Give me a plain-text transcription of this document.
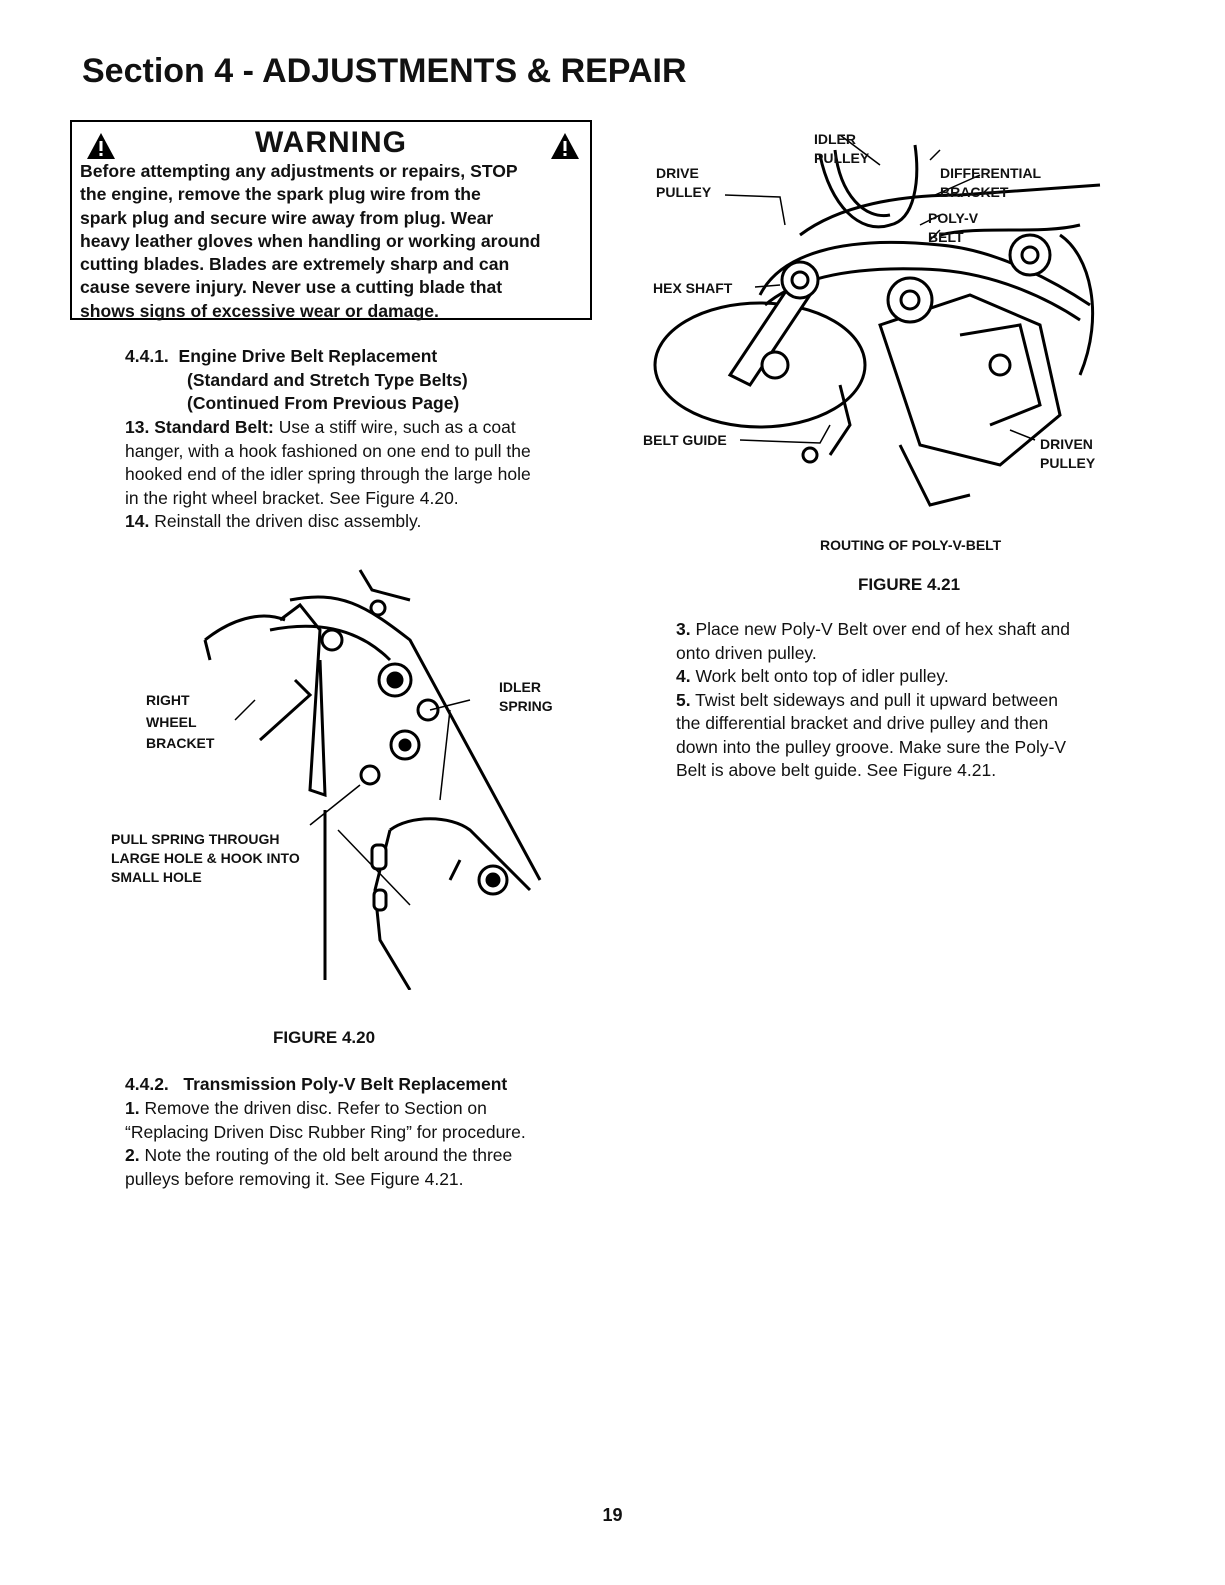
Section 4 - ADJUSTMENTS & REPAIR
WARNING
Before attempting any adjustments or repairs, STOP
the engine, remove the spark plug wire from the
spark plug and secure wire away from plug. Wear
heavy leather gloves when handling or working around
cutting blades. Blades are extremely sharp and can
cause severe injury. Never use a cutting blade that
shows signs of excessive wear or damage.
4.4.1. Engine Drive Belt Replacement
(Standard and Stretch Type Belts)
(Continued From Previous Page)
13. Standard Belt: Use a stiff wire, such as a coat
hanger, with a hook fashioned on one end to pull the
hooked end of the idler spring through the large hole
in the right wheel bracket. See Figure 4.20.
14. Reinstall the driven disc assembly.
RIGHT
WHEEL
BRACKET
IDLER
SPRING
PULL SPRING THROUGH
LARGE HOLE & HOOK INTO
SMALL HOLE
FIGURE 4.20
4.4.2. Transmission Poly-V Belt Replacement
1. Remove the driven disc. Refer to Section on
“Replacing Driven Disc Rubber Ring” for procedure.
2. Note the routing of the old belt around the three
pulleys before removing it. See Figure 4.21.
DRIVE
PULLEY
IDLER
PULLEY
DIFFERENTIAL
BRACKET
POLY-V
BELT
HEX SHAFT
BELT GUIDE	DRIVEN
PULLEY
ROUTING OF POLY-V-BELT
FIGURE 4.21
3. Place new Poly-V Belt over end of hex shaft and
onto driven pulley.
4. Work belt onto top of idler pulley.
5. Twist belt sideways and pull it upward between
the differential bracket and drive pulley and then
down into the pulley groove. Make sure the Poly-V
Belt is above belt guide. See Figure 4.21.
19
